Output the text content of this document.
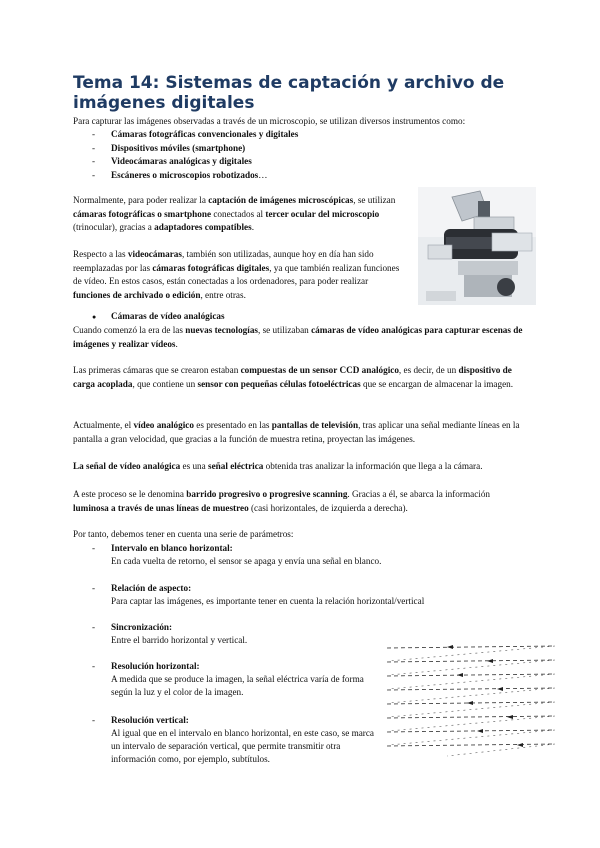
Tema 14: Sistemas de captación y archivo de imágenes digitales

Para capturar las imágenes observadas a través de un microscopio, se utilizan diversos instrumentos como:

- Cámaras fotográficas convencionales y digitales
- Dispositivos móviles (smartphone)
- Videocámaras analógicas y digitales
- Escáneres o microscopios robotizados…

Normalmente, para poder realizar la captación de imágenes microscópicas, se utilizan cámaras fotográficas o smartphone conectados al tercer ocular del microscopio (trinocular), gracias a adaptadores compatibles.

Respecto a las videocámaras, también son utilizadas, aunque hoy en día han sido reemplazadas por las cámaras fotográficas digitales, ya que también realizan funciones de vídeo. En estos casos, están conectadas a los ordenadores, para poder realizar funciones de archivado o edición, entre otras.

● Cámaras de vídeo analógicas

Cuando comenzó la era de las nuevas tecnologías, se utilizaban cámaras de vídeo analógicas para capturar escenas de imágenes y realizar vídeos.

Las primeras cámaras que se crearon estaban compuestas de un sensor CCD analógico, es decir, de un dispositivo de carga acoplada, que contiene un sensor con pequeñas células fotoeléctricas que se encargan de almacenar la imagen.

Actualmente, el vídeo analógico es presentado en las pantallas de televisión, tras aplicar una señal mediante líneas en la pantalla a gran velocidad, que gracias a la función de muestra retina, proyectan las imágenes.

La señal de vídeo analógica es una señal eléctrica obtenida tras analizar la información que llega a la cámara.

A este proceso se le denomina barrido progresivo o progresive scanning. Gracias a él, se abarca la información luminosa a través de unas líneas de muestreo (casi horizontales, de izquierda a derecha).

Por tanto, debemos tener en cuenta una serie de parámetros:

- Intervalo en blanco horizontal:
En cada vuelta de retorno, el sensor se apaga y envía una señal en blanco.
- Relación de aspecto:
Para captar las imágenes, es importante tener en cuenta la relación horizontal/vertical
- Sincronización:
Entre el barrido horizontal y vertical.
- Resolución horizontal:
A medida que se produce la imagen, la señal eléctrica varía de forma según la luz y el color de la imagen.
- Resolución vertical:
Al igual que en el intervalo en blanco horizontal, en este caso, se marca un intervalo de separación vertical, que permite transmitir otra información como, por ejemplo, subtítulos.
